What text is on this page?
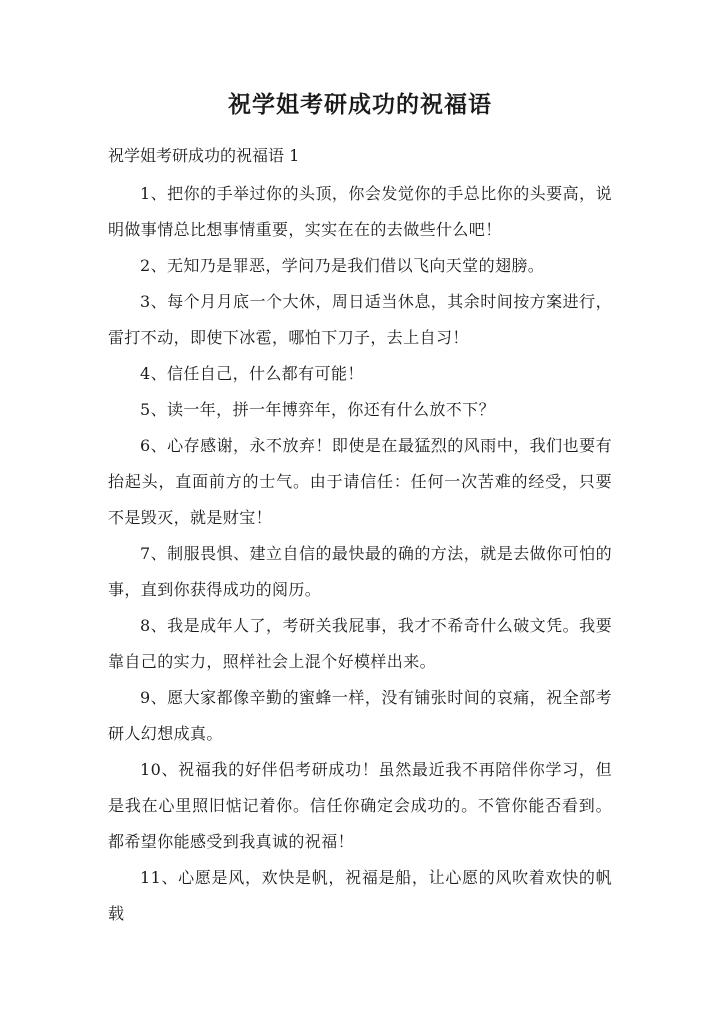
祝学姐考研成功的祝福语
祝学姐考研成功的祝福语 1

1、把你的手举过你的头顶，你会发觉你的手总比你的头要高，说明做事情总比想事情重要，实实在在的去做些什么吧！

2、无知乃是罪恶，学问乃是我们借以飞向天堂的翅膀。

3、每个月月底一个大休，周日适当休息，其余时间按方案进行，雷打不动，即使下冰雹，哪怕下刀子，去上自习！

4、信任自己，什么都有可能！

5、读一年，拼一年博弈年，你还有什么放不下？

6、心存感谢，永不放弃！即使是在最猛烈的风雨中，我们也要有抬起头，直面前方的士气。由于请信任：任何一次苦难的经受，只要不是毁灭，就是财宝！

7、制服畏惧、建立自信的最快最的确的方法，就是去做你可怕的事，直到你获得成功的阅历。

8、我是成年人了，考研关我屁事，我才不希奇什么破文凭。我要靠自己的实力，照样社会上混个好模样出来。

9、愿大家都像辛勤的蜜蜂一样，没有铺张时间的哀痛，祝全部考研人幻想成真。

10、祝福我的好伴侣考研成功！虽然最近我不再陪伴你学习，但是我在心里照旧惦记着你。信任你确定会成功的。不管你能否看到。都希望你能感受到我真诚的祝福！

11、心愿是风，欢快是帆，祝福是船，让心愿的风吹着欢快的帆载
